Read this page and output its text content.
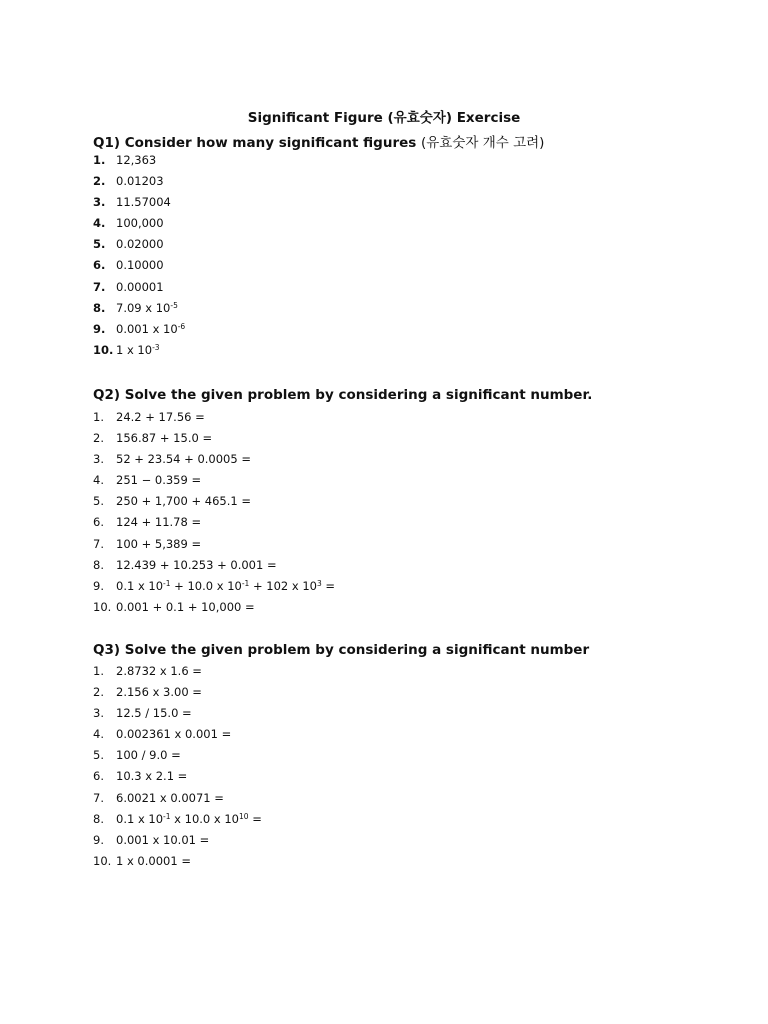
Significant Figure (유효숫자) Exercise

Q1) Consider how many significant figures (유효숫자 개수 고려)

1. 12,363
2. 0.01203
3. 11.57004
4. 100,000
5. 0.02000
6. 0.10000
7. 0.00001
8. 7.09 x $10^{-5}$
9. 0.001 x $10^{-6}$
10. 1 x $10^{-3}$

Q2) Solve the given problem by considering a significant number.

1. 24.2 + 17.56 =
2. 156.87 + 15.0 =
3. 52 + 23.54 + 0.0005 =
4. 251 − 0.359 =
5. 250 + 1,700 + 465.1 =
6. 124 + 11.78 =
7. 100 + 5,389 =
8. 12.439 + 10.253 + 0.001 =
9. 0.1 x $10^{-1} + 10.0$ x $10^{-1} + 102$ x $10^3$ =
10. 0.001 + 0.1 + 10,000 =

Q3) Solve the given problem by considering a significant number

1. 2.8732 x 1.6 =
2. 2.156 x 3.00 =
3. 12.5 / 15.0 =
4. 0.002361 x 0.001 =
5. 100 / 9.0 =
6. 10.3 x 2.1 =
7. 6.0021 x 0.0071 =
8. 0.1 x $10^{-1}$ x 10.0 x $10^{10}$ =
9. 0.001 x 10.01 =
10. 1 x 0.0001 =
